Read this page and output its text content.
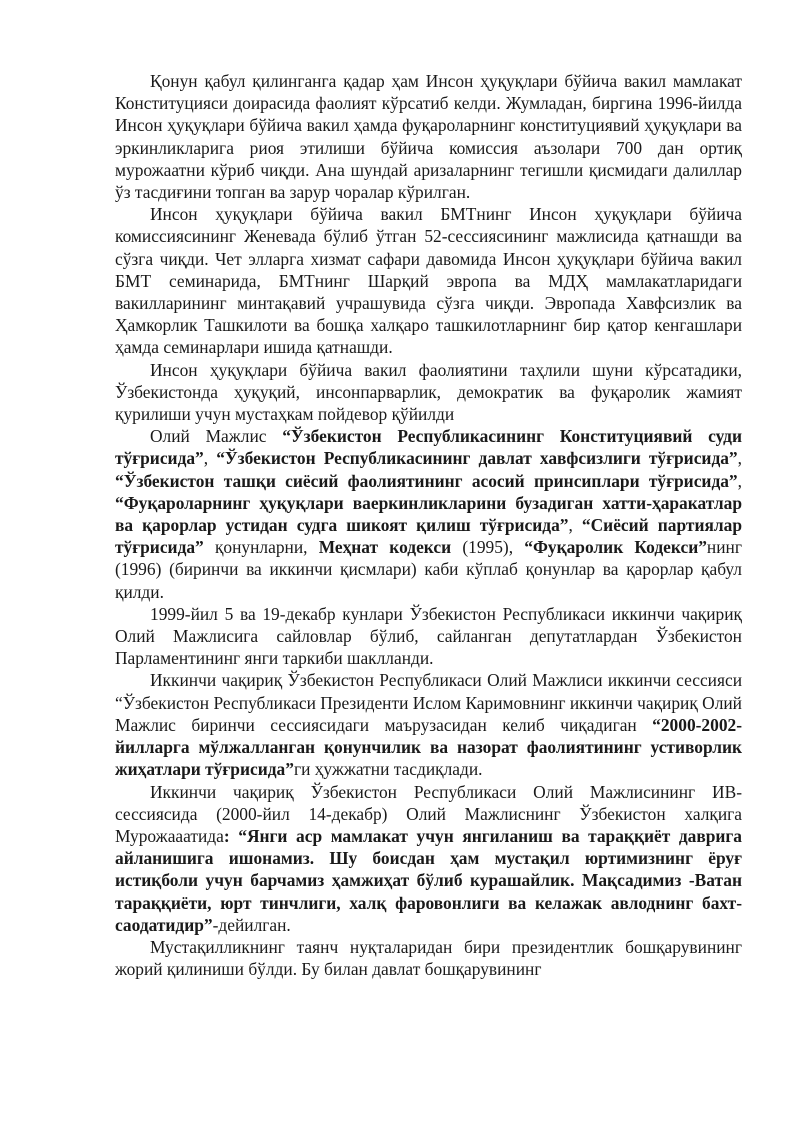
Қонун қабул қилинганга қадар ҳам Инсон ҳуқуқлари бўйича вакил мамлакат Конституцияси доирасида фаолият кўрсатиб келди. Жумладан, биргина 1996-йилда Инсон ҳуқуқлари бўйича вакил ҳамда фуқароларнинг конституциявий ҳуқуқлари ва эркинликларига риоя этилиши бўйича комиссия аъзолари 700 дан ортиқ мурожаатни кўриб чиқди. Ана шундай аризаларнинг тегишли қисмидаги далиллар ўз тасдиғини топган ва зарур чоралар кўрилган.

Инсон ҳуқуқлари бўйича вакил БМТнинг Инсон ҳуқуқлари бўйича комиссиясининг Женевада бўлиб ўтган 52-сессиясининг мажлисида қатнашди ва сўзга чиқди. Чет элларга хизмат сафари давомида Инсон ҳуқуқлари бўйича вакил БМТ семинарида, БМТнинг Шарқий эвропа ва МДҲ мамлакатларидаги вакилларининг минтақавий учрашувида сўзга чиқди. Эвропада Хавфсизлик ва Ҳамкорлик Ташкилоти ва бошқа халқаро ташкилотларнинг бир қатор кенгашлари ҳамда семинарлари ишида қатнашди.

Инсон ҳуқуқлари бўйича вакил фаолиятини таҳлили шуни кўрсатадики, Ўзбекистонда ҳуқуқий, инсонпарварлик, демократик ва фуқаролик жамият қурилиши учун мустаҳкам пойдевор қўйилди

Олий Мажлис “Ўзбекистон Республикасининг Конституциявий суди тўғрисида”, “Ўзбекистон Республикасининг давлат хавфсизлиги тўғрисида”, “Ўзбекистон ташқи сиёсий фаолиятининг асосий принсиплари тўғрисида”, “Фуқароларнинг ҳуқуқлари ваеркинликларини бузадиган хатти-ҳаракатлар ва қарорлар устидан судга шикоят қилиш тўғрисида”, “Сиёсий партиялар тўғрисида” қонунларни, Меҳнат кодекси (1995), “Фуқаролик Кодекси”нинг (1996) (биринчи ва иккинчи қисмлари) каби кўплаб қонунлар ва қарорлар қабул қилди.

1999-йил 5 ва 19-декабр кунлари Ўзбекистон Республикаси иккинчи чақириқ Олий Мажлисига сайловлар бўлиб, сайланган депутатлардан Ўзбекистон Парламентининг янги таркиби шаклланди.

Иккинчи чақириқ Ўзбекистон Республикаси Олий Мажлиси иккинчи сессияси “Ўзбекистон Республикаси Президенти Ислом Каримовнинг иккинчи чақириқ Олий Мажлис биринчи сессиясидаги маърузасидан келиб чиқадиган “2000-2002-йилларга мўлжалланган қонунчилик ва назорат фаолиятининг устиворлик жиҳатлари тўғрисида”ги ҳужжатни тасдиқлади.

Иккинчи чақириқ Ўзбекистон Республикаси Олий Мажлисининг ИВ-сессиясида (2000-йил 14-декабр) Олий Мажлиснинг Ўзбекистон халқига Мурожааатида: “Янги аср мамлакат учун янгиланиш ва тараққиёт даврига айланишига ишонамиз. Шу боисдан ҳам мустақил юртимизнинг ёруғ истиқболи учун барчамиз ҳамжиҳат бўлиб курашайлик. Мақсадимиз -Ватан тараққиёти, юрт тинчлиги, халқ фаровонлиги ва келажак авлоднинг бахт-саодатидир”-дейилган.

Мустақилликнинг таянч нуқталаридан бири президентлик бошқарувининг жорий қилиниши бўлди. Бу билан давлат бошқарувининг
